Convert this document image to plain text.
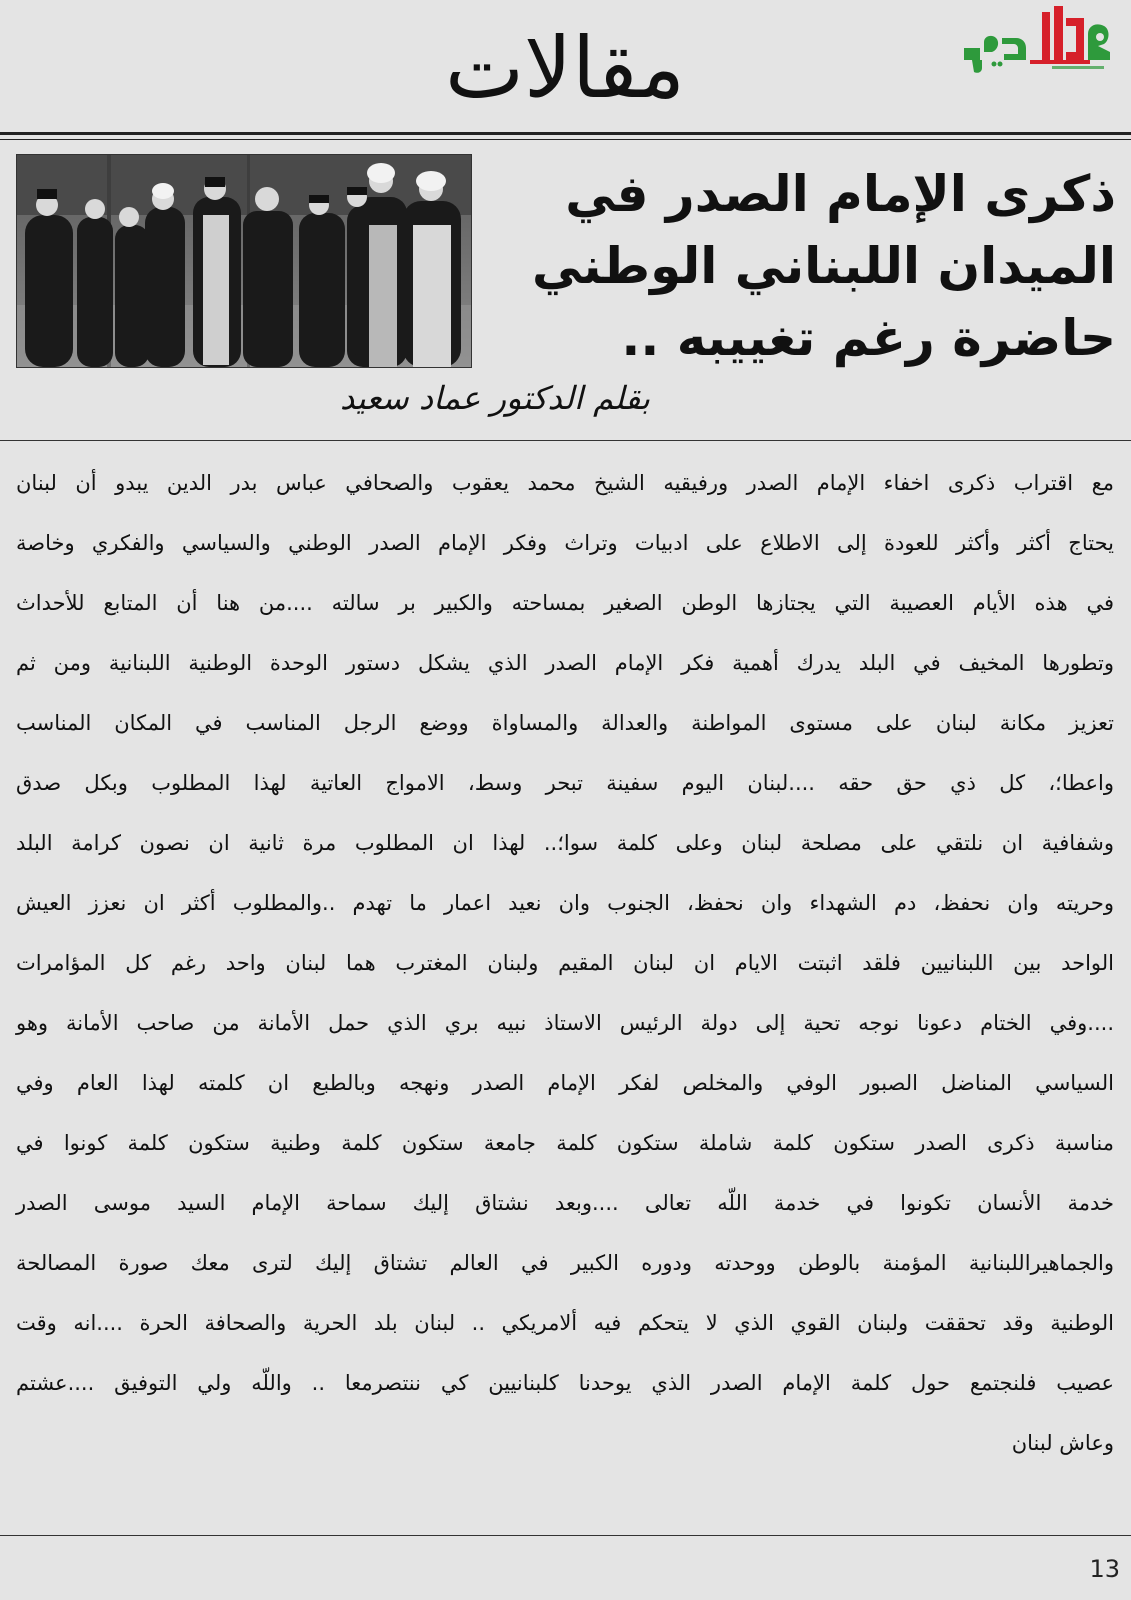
مقالات
ذكرى الإمام الصدر في
الميدان اللبناني الوطني
حاضرة رغم تغييبه ..
بقلم الدكتور عماد سعيد
مع اقتراب ذكرى اخفاء الإمام الصدر ورفيقيه الشيخ محمد يعقوب والصحافي عباس بدر الدين يبدو أن لبنان
يحتاج أكثر وأكثر للعودة إلى الاطلاع على ادبيات وتراث وفكر الإمام الصدر الوطني والسياسي والفكري وخاصة
في هذه الأيام العصيبة التي يجتازها الوطن الصغير بمساحته والكبير بر سالته ....من هنا أن المتابع للأحداث
وتطورها المخيف في البلد يدرك أهمية فكر الإمام الصدر الذي يشكل دستور الوحدة الوطنية اللبنانية ومن ثم
تعزيز مكانة لبنان على مستوى المواطنة والعدالة والمساواة ووضع الرجل المناسب في المكان المناسب
واعطا؛، كل ذي حق حقه ....لبنان اليوم سفينة تبحر وسط، الامواج العاتية لهذا المطلوب وبكل صدق
وشفافية ان نلتقي على مصلحة لبنان وعلى كلمة سوا؛.. لهذا ان المطلوب مرة ثانية ان نصون كرامة البلد
وحريته وان نحفظ، دم الشهداء وان نحفظ، الجنوب وان نعيد اعمار ما تهدم ..والمطلوب أكثر ان نعزز العيش
الواحد بين اللبنانيين فلقد اثبتت الايام ان لبنان المقيم ولبنان المغترب هما لبنان واحد رغم كل المؤامرات
....وفي الختام دعونا نوجه تحية إلى دولة الرئيس الاستاذ نبيه بري الذي حمل الأمانة من صاحب الأمانة وهو
السياسي المناضل الصبور الوفي والمخلص لفكر الإمام الصدر ونهجه وبالطبع ان كلمته لهذا العام وفي
مناسبة ذكرى الصدر ستكون كلمة شاملة ستكون كلمة جامعة ستكون كلمة وطنية ستكون كلمة كونوا في
خدمة الأنسان تكونوا في خدمة اللّه تعالى ....وبعد نشتاق إليك سماحة الإمام السيد موسى الصدر
والجماهيراللبنانية المؤمنة بالوطن ووحدته ودوره الكبير في العالم تشتاق إليك لترى معك صورة المصالحة
الوطنية وقد تحققت ولبنان القوي الذي لا يتحكم فيه ألامريكي .. لبنان بلد الحرية والصحافة الحرة ....انه وقت
عصيب فلنجتمع حول كلمة الإمام الصدر الذي يوحدنا كلبنانيين كي ننتصرمعا .. واللّه ولي التوفيق ....عشتم
وعاش لبنان
13
